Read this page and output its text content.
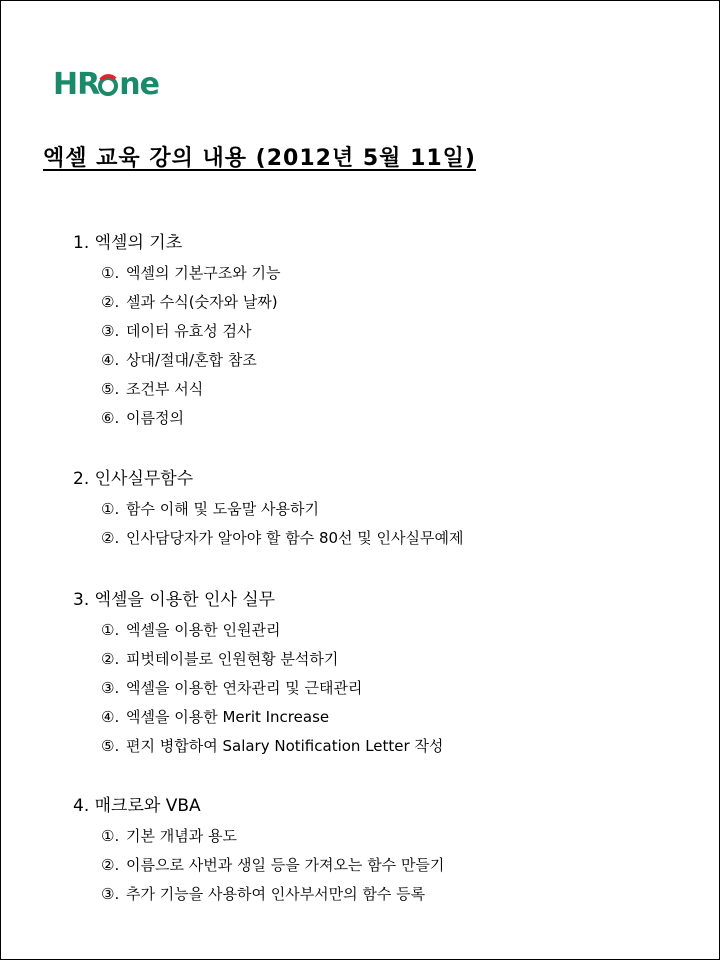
HR ne
엑셀 교육 강의 내용 (2012년 5월 11일)
1. 엑셀의 기초
①. 엑셀의 기본구조와 기능
②. 셀과 수식(숫자와 날짜)
③. 데이터 유효성 검사
④. 상대/절대/혼합 참조
⑤. 조건부 서식
⑥. 이름정의
2. 인사실무함수
①. 함수 이해 및 도움말 사용하기
②. 인사담당자가 알아야 할 함수 80선 및 인사실무예제
3. 엑셀을 이용한 인사 실무
①. 엑셀을 이용한 인원관리
②. 피벗테이블로 인원현황 분석하기
③. 엑셀을 이용한 연차관리 및 근태관리
④. 엑셀을 이용한 Merit Increase
⑤. 편지 병합하여 Salary Notification Letter 작성
4. 매크로와 VBA
①. 기본 개념과 용도
②. 이름으로 사번과 생일 등을 가져오는 함수 만들기
③. 추가 기능을 사용하여 인사부서만의 함수 등록
